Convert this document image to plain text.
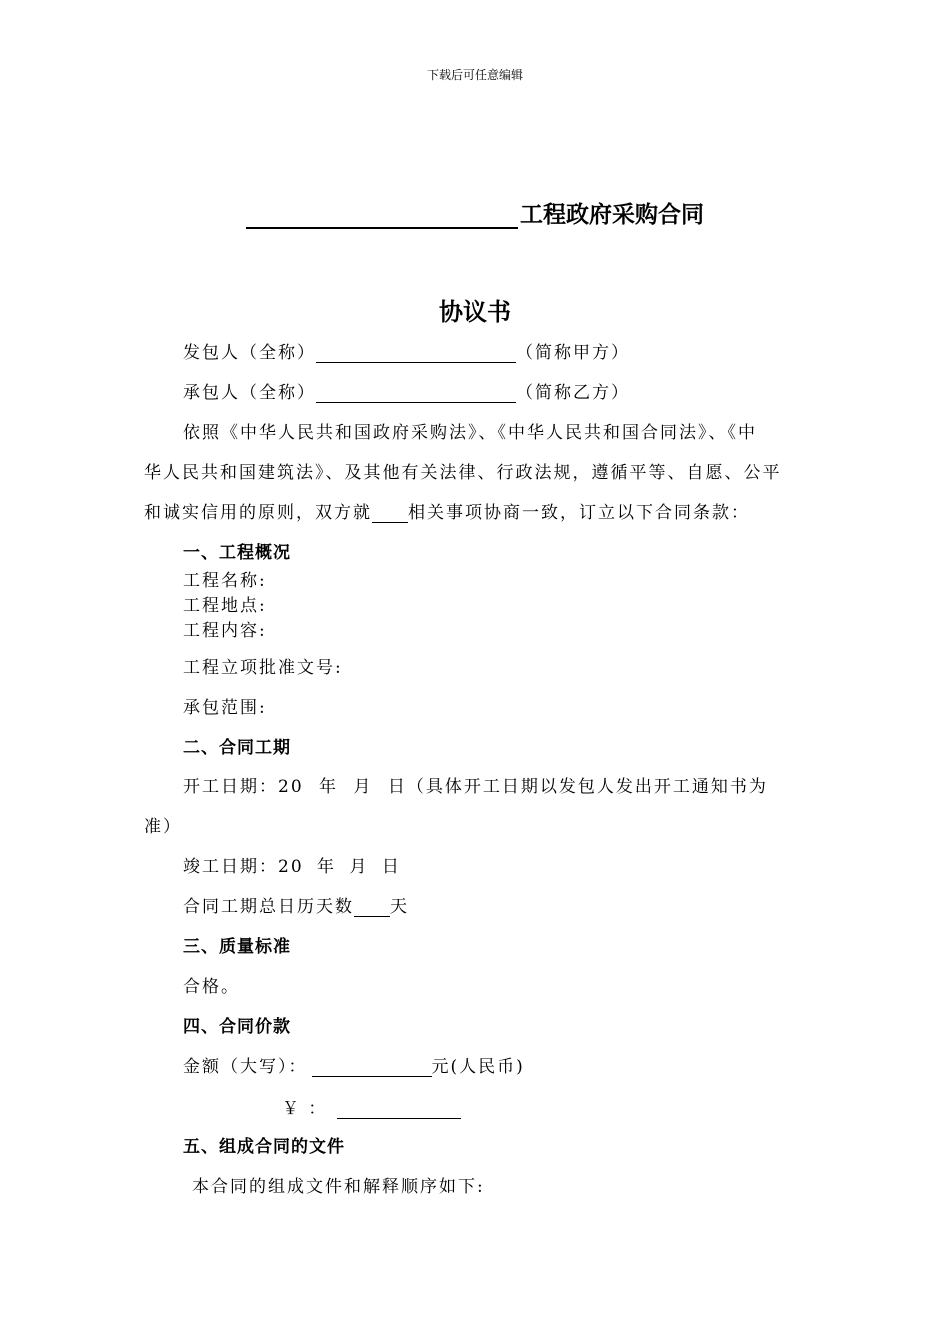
下载后可任意编辑
工程政府采购合同
协议书
发包人（全称）	（简称甲方）
承包人（全称）	（简称乙方）
依照《中华人民共和国政府采购法》、《中华人民共和国合同法》、《中
华人民共和国建筑法》、及其他有关法律、行政法规，遵循平等、自愿、公平
和诚实信用的原则，双方就 相关事项协商一致，订立以下合同条款：
一、工程概况
工程名称:
工程地点:
工程内容:
工程立项批准文号:
承包范围:
二、合同工期
开工日期：20 年 月 日（具体开工日期以发包人发出开工通知书为
准）
竣工日期：20 年 月 日
合同工期总日历天数 天
三、质量标准
合格。
四、合同价款
金额（大写）：	元(人民币)
￥ ：
五、组成合同的文件
本合同的组成文件和解释顺序如下:
